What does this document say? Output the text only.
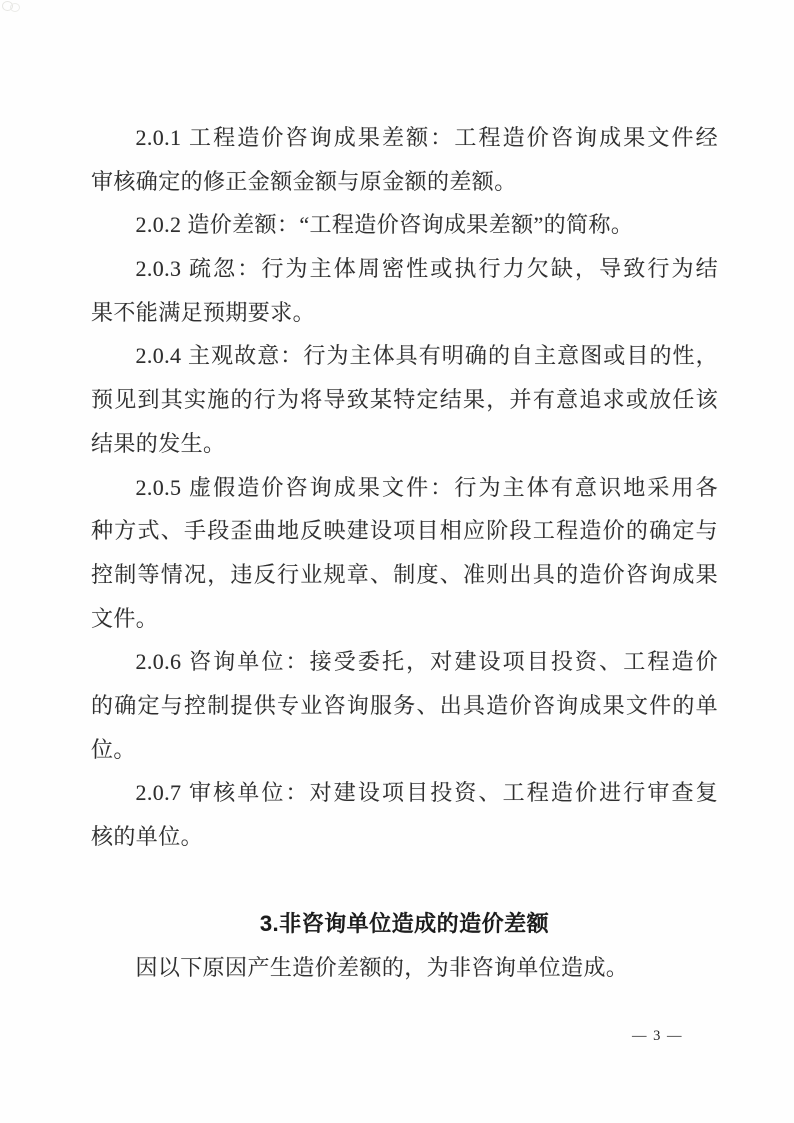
2.0.1 工程造价咨询成果差额：工程造价咨询成果文件经
审核确定的修正金额金额与原金额的差额。
2.0.2 造价差额：“工程造价咨询成果差额”的简称。
2.0.3 疏忽：行为主体周密性或执行力欠缺，导致行为结
果不能满足预期要求。
2.0.4 主观故意：行为主体具有明确的自主意图或目的性，
预见到其实施的行为将导致某特定结果，并有意追求或放任该
结果的发生。
2.0.5 虚假造价咨询成果文件：行为主体有意识地采用各
种方式、手段歪曲地反映建设项目相应阶段工程造价的确定与
控制等情况，违反行业规章、制度、准则出具的造价咨询成果
文件。
2.0.6 咨询单位：接受委托，对建设项目投资、工程造价
的确定与控制提供专业咨询服务、出具造价咨询成果文件的单
位。
2.0.7 审核单位：对建设项目投资、工程造价进行审查复
核的单位。
3.非咨询单位造成的造价差额
因以下原因产生造价差额的，为非咨询单位造成。
— 3 —
